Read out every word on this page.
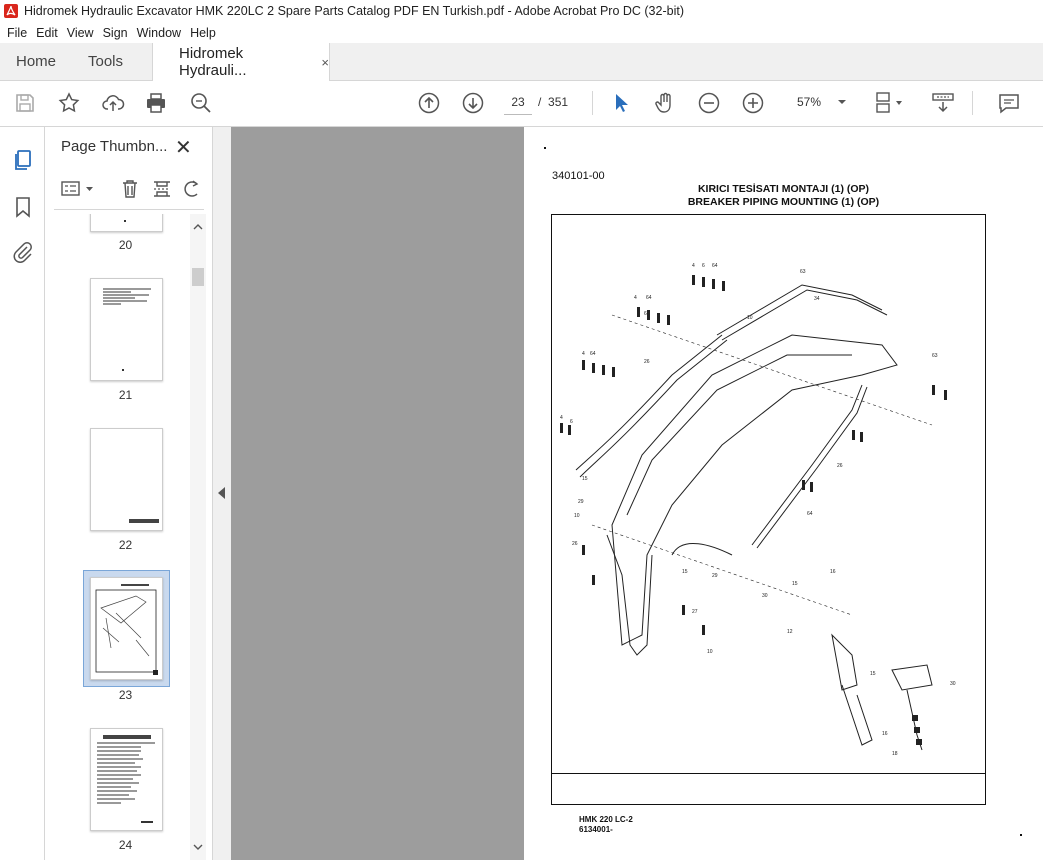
Hidromek Hydraulic Excavator HMK 220LC 2 Spare Parts Catalog PDF EN Turkish.pdf - Adobe Acrobat Pro DC (32-bit)
File Edit View Sign Window Help
Home Tools	Hidromek Hydrauli...	×
23	/ 351	57%
Page Thumbn... ✕
20
21
22
23
24
340101-00
KIRICI TESİSATI MONTAJI (1) (OP)
BREAKER PIPING MOUNTING (1) (OP)
4 6 64
63
34
4 64
6
10
4 64
26
63
4
6
26
64
15
29
10
26
29
15
27
10
30
15
16
12
15
16
18
30
HMK 220 LC-2
6134001-
